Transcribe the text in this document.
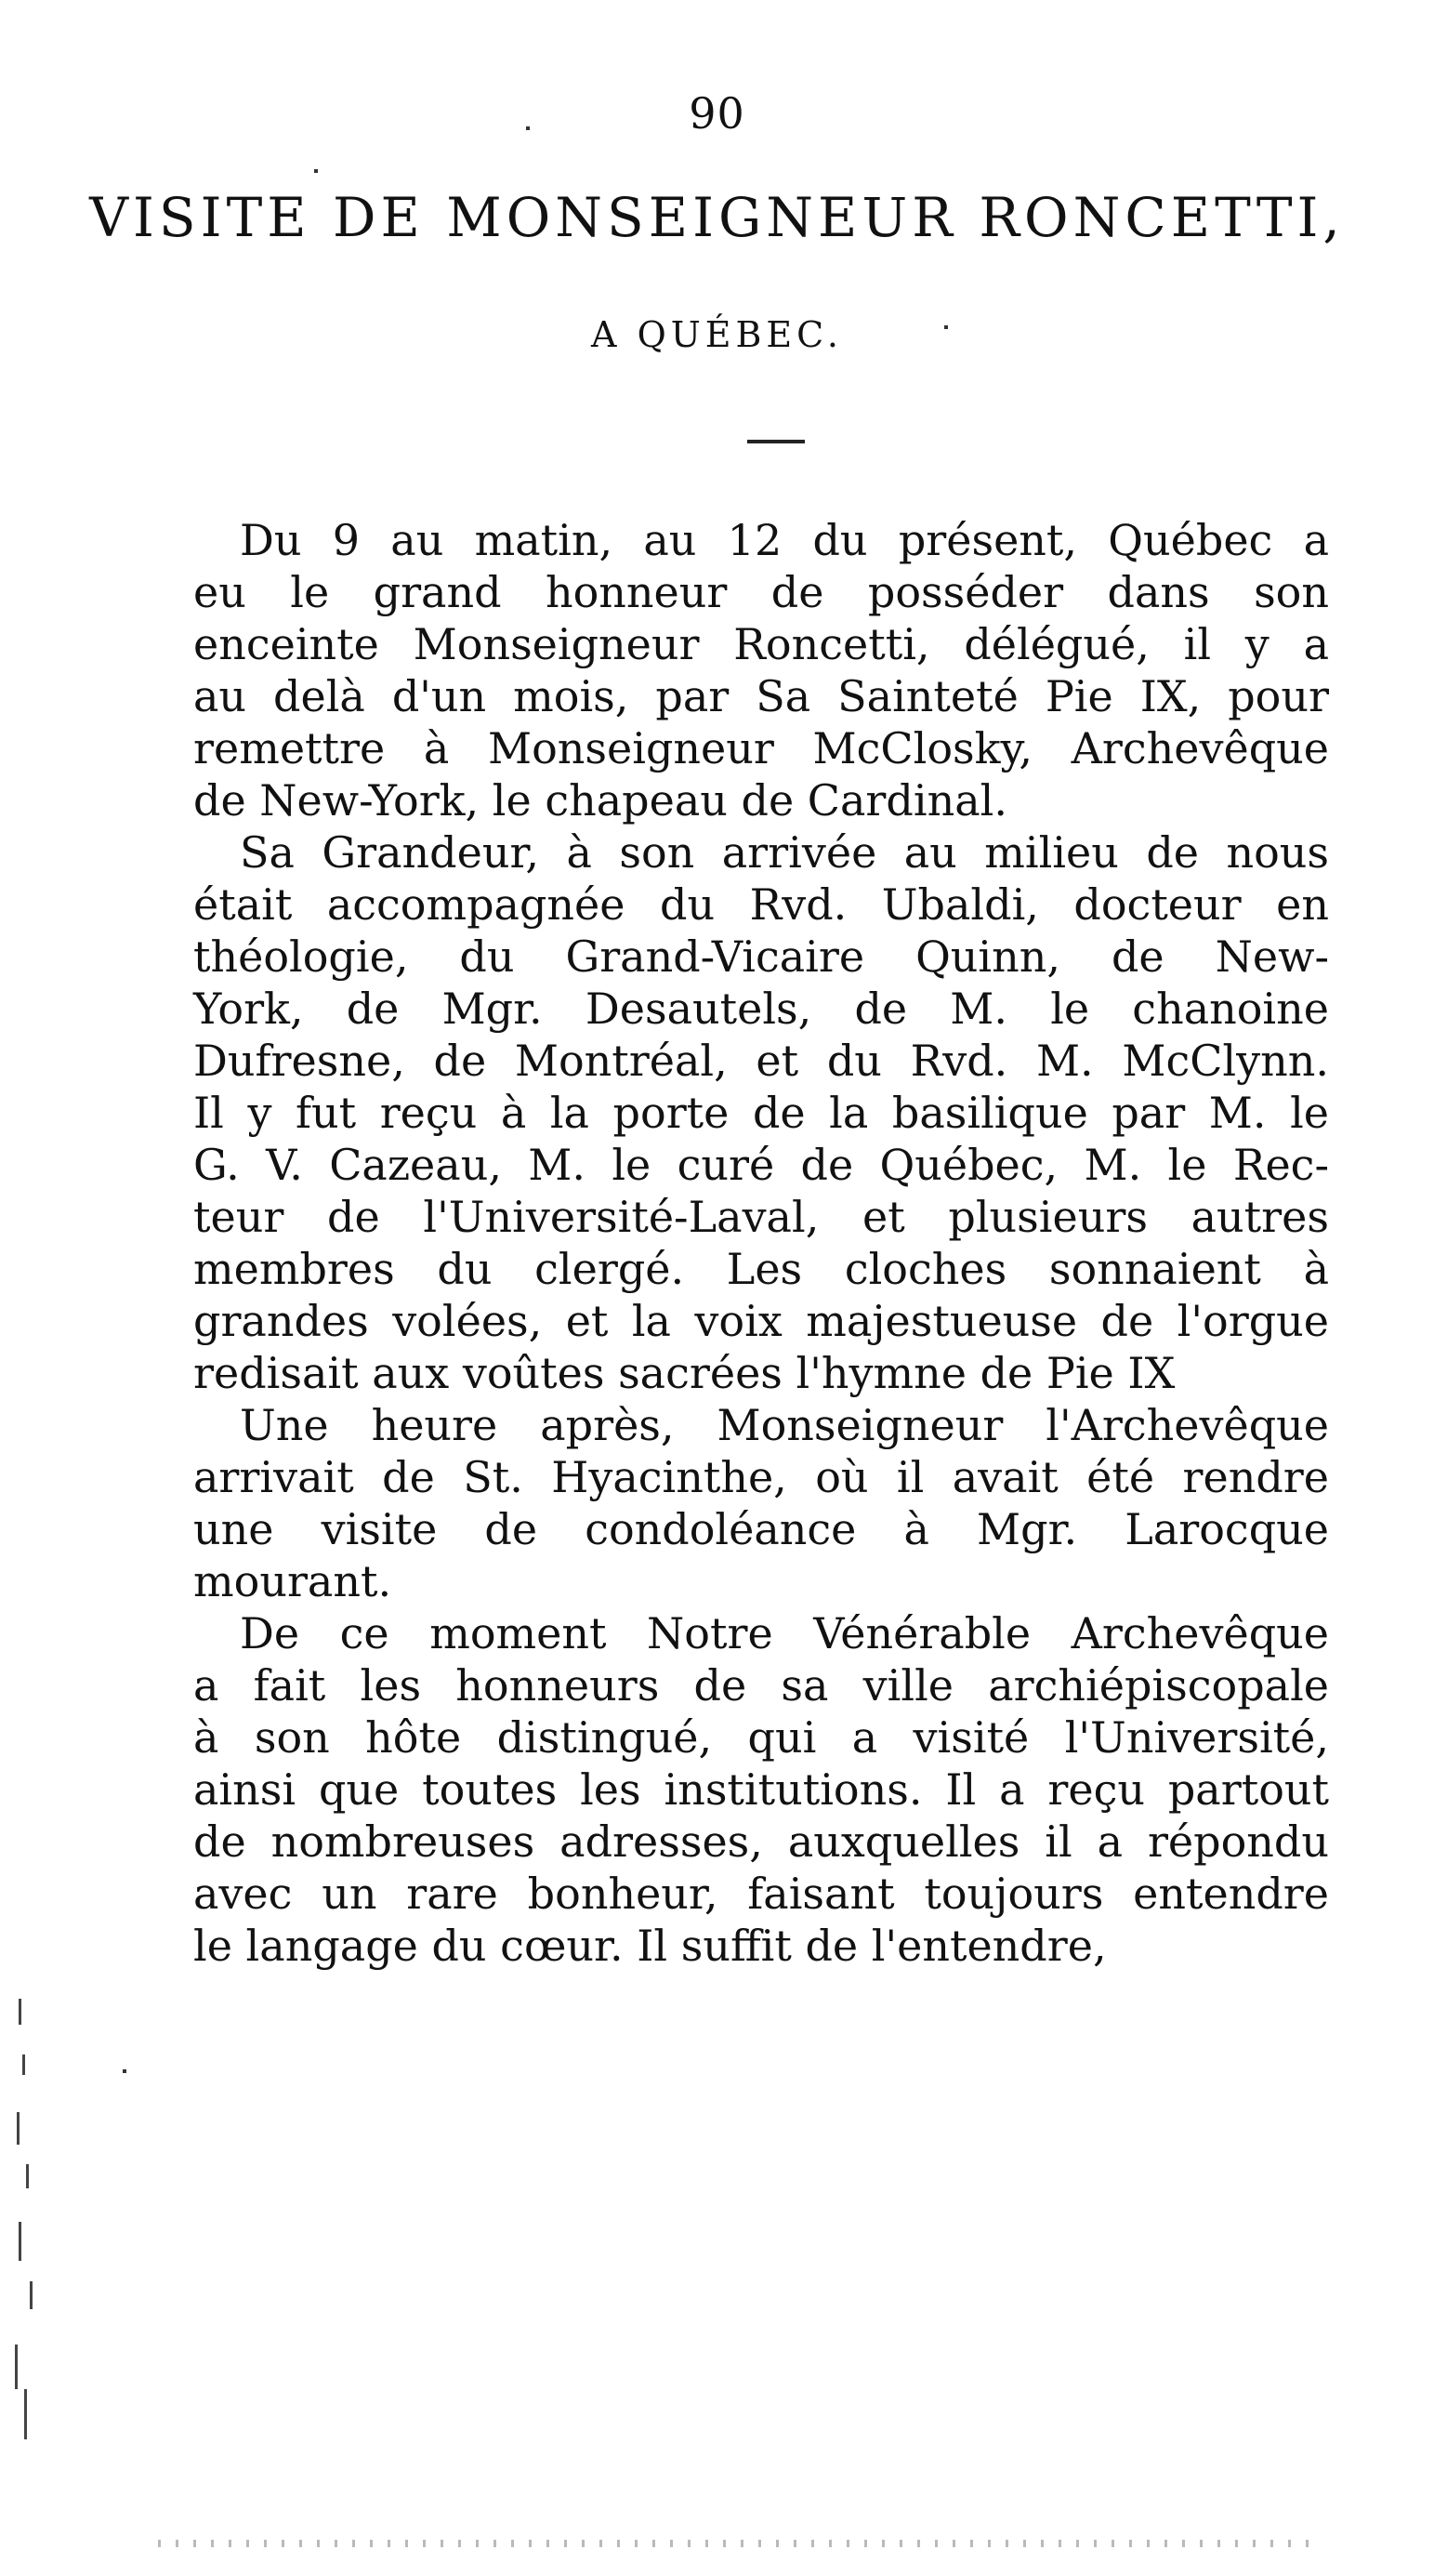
90
VISITE DE MONSEIGNEUR RONCETTI,
A QUÉBEC.
Du 9 au matin, au 12 du présent, Québec a
eu le grand honneur de posséder dans son
enceinte Monseigneur Roncetti, délégué, il y a
au delà d'un mois, par Sa Sainteté Pie IX, pour
remettre à Monseigneur McClosky, Archevêque
de New-York, le chapeau de Cardinal.
Sa Grandeur, à son arrivée au milieu de nous
était accompagnée du Rvd. Ubaldi, docteur en
théologie, du Grand-Vicaire Quinn, de New-
York, de Mgr. Desautels, de M. le chanoine
Dufresne, de Montréal, et du Rvd. M. McClynn.
Il y fut reçu à la porte de la basilique par M. le
G. V. Cazeau, M. le curé de Québec, M. le Rec-
teur de l'Université-Laval, et plusieurs autres
membres du clergé. Les cloches sonnaient à
grandes volées, et la voix majestueuse de l'orgue
redisait aux voûtes sacrées l'hymne de Pie IX
Une heure après, Monseigneur l'Archevêque
arrivait de St. Hyacinthe, où il avait été rendre
une visite de condoléance à Mgr. Larocque
mourant.
De ce moment Notre Vénérable Archevêque
a fait les honneurs de sa ville archiépiscopale
à son hôte distingué, qui a visité l'Université,
ainsi que toutes les institutions. Il a reçu partout
de nombreuses adresses, auxquelles il a répondu
avec un rare bonheur, faisant toujours entendre
le langage du cœur. Il suffit de l'entendre,
